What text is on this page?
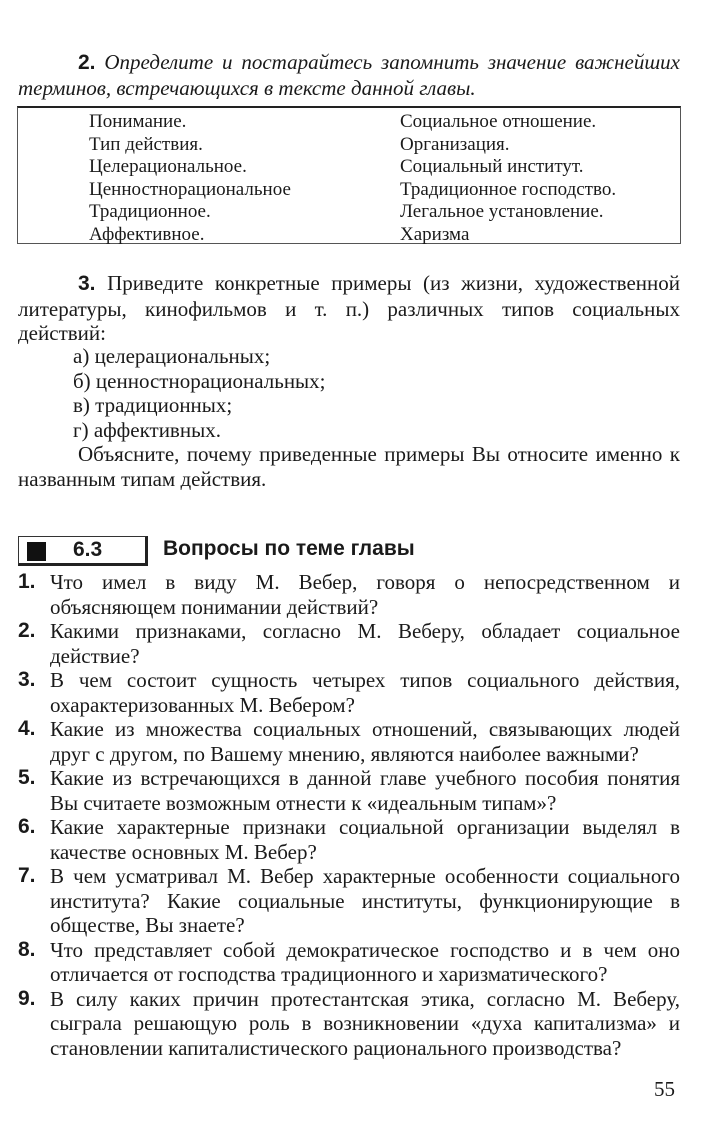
2. Определите и постарайтесь запомнить значение важнейших терминов, встречающихся в тексте данной главы.
Понимание.
Тип действия.
Целерациональное.
Ценностнорациональное
Традиционное.
Аффективное.
Социальное отношение.
Организация.
Социальный институт.
Традиционное господство.
Легальное установление.
Харизма
3. Приведите конкретные примеры (из жизни, художественной литературы, кинофильмов и т. п.) различных типов социальных действий:
а) целерациональных;
б) ценностнорациональных;
в) традиционных;
г) аффективных.
Объясните, почему приведенные примеры Вы относите именно к названным типам действия.
6.3	Вопросы по теме главы
1. Что имел в виду М. Вебер, говоря о непосредственном и объясняющем понимании действий?
2. Какими признаками, согласно М. Веберу, обладает социальное действие?
3. В чем состоит сущность четырех типов социального действия, охарактеризованных М. Вебером?
4. Какие из множества социальных отношений, связывающих людей друг с другом, по Вашему мнению, являются наиболее важными?
5. Какие из встречающихся в данной главе учебного пособия понятия Вы считаете возможным отнести к «идеальным типам»?
6. Какие характерные признаки социальной организации выделял в качестве основных М. Вебер?
7. В чем усматривал М. Вебер характерные особенности социального института? Какие социальные институты, функционирующие в обществе, Вы знаете?
8. Что представляет собой демократическое господство и в чем оно отличается от господства традиционного и харизматического?
9. В силу каких причин протестантская этика, согласно М. Веберу, сыграла решающую роль в возникновении «духа капитализма» и становлении капиталистического рационального производства?
55
